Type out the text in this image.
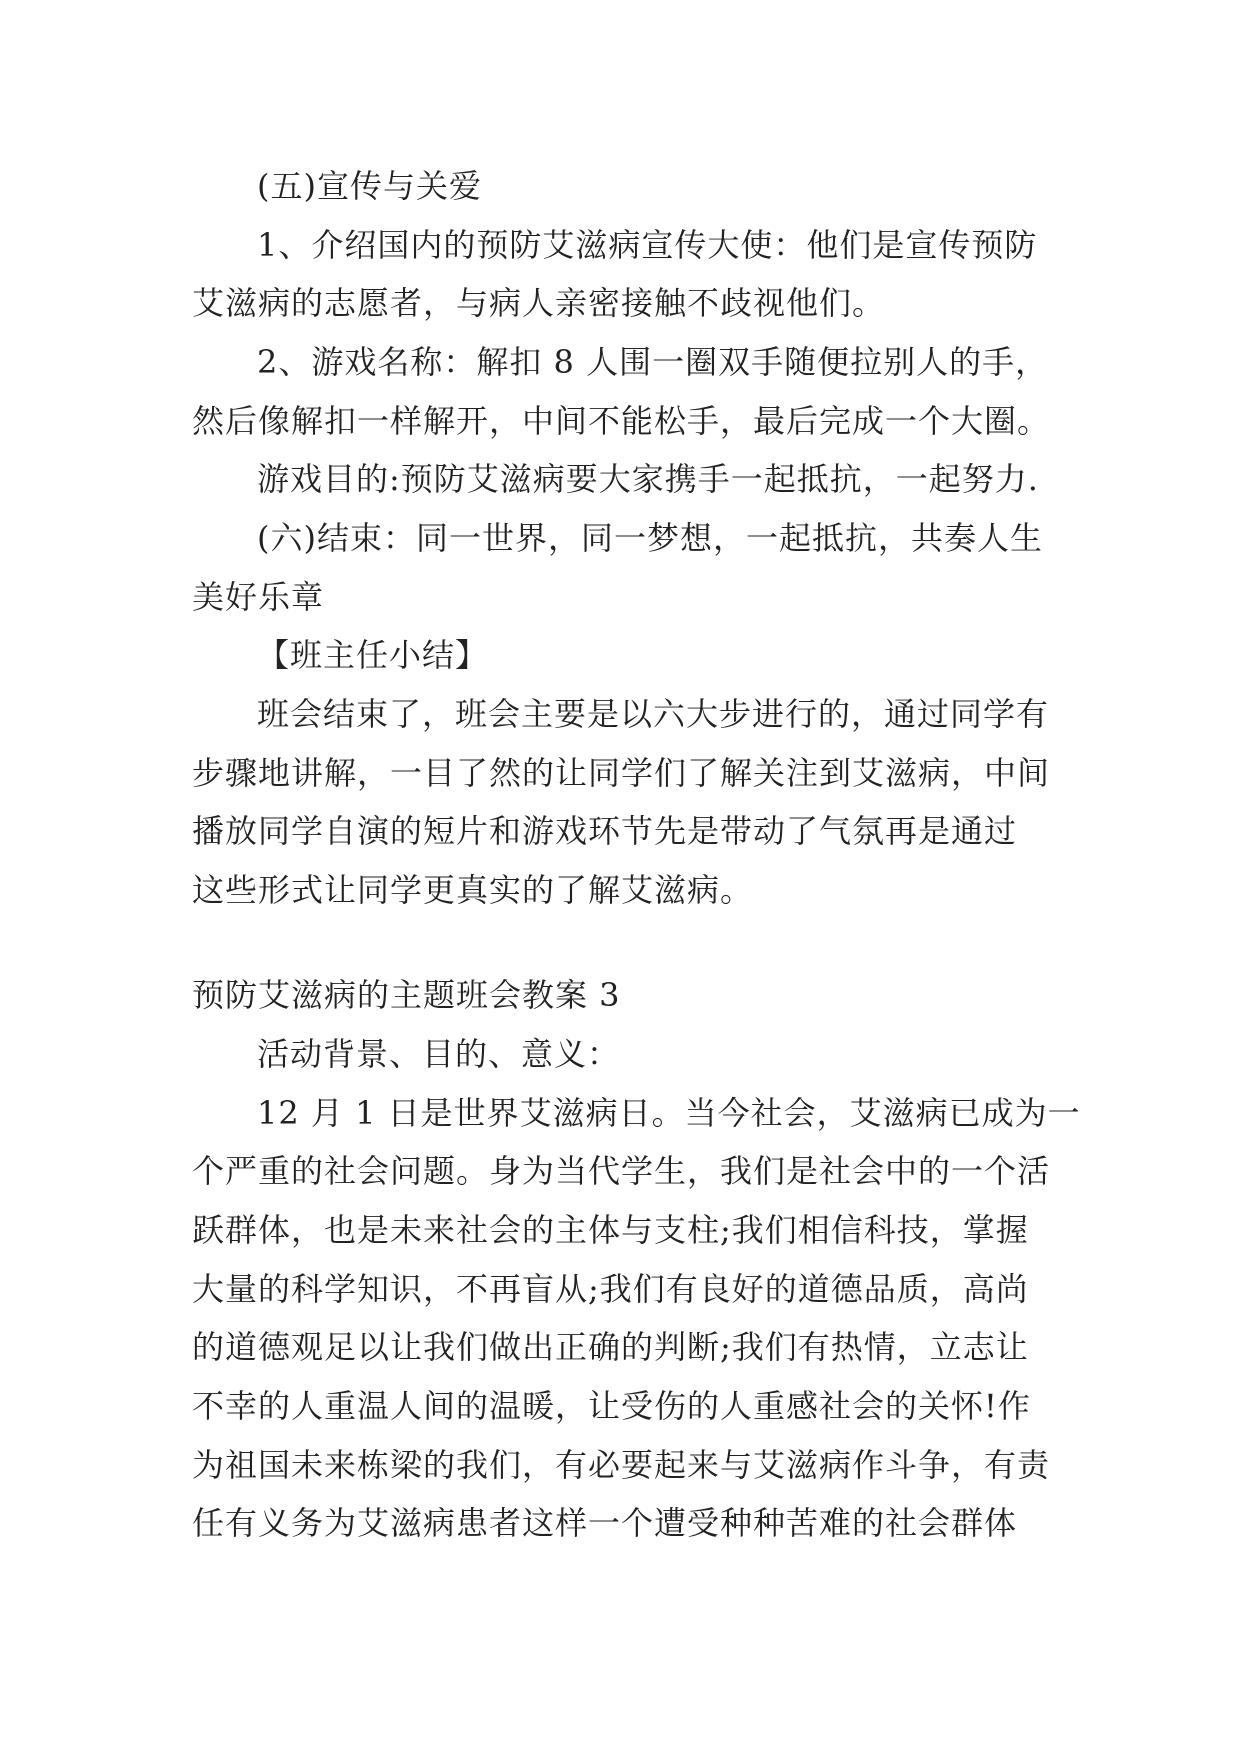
(五)宣传与关爱
1、介绍国内的预防艾滋病宣传大使：他们是宣传预防
艾滋病的志愿者，与病人亲密接触不歧视他们。
2、游戏名称：解扣 8 人围一圈双手随便拉别人的手，
然后像解扣一样解开，中间不能松手，最后完成一个大圈。
游戏目的:预防艾滋病要大家携手一起抵抗，一起努力.
(六)结束：同一世界，同一梦想，一起抵抗，共奏人生
美好乐章
【班主任小结】
班会结束了，班会主要是以六大步进行的，通过同学有
步骤地讲解，一目了然的让同学们了解关注到艾滋病，中间
播放同学自演的短片和游戏环节先是带动了气氛再是通过
这些形式让同学更真实的了解艾滋病。
预防艾滋病的主题班会教案 3
活动背景、目的、意义：
12 月 1 日是世界艾滋病日。当今社会，艾滋病已成为一
个严重的社会问题。身为当代学生，我们是社会中的一个活
跃群体，也是未来社会的主体与支柱;我们相信科技，掌握
大量的科学知识，不再盲从;我们有良好的道德品质，高尚
的道德观足以让我们做出正确的判断;我们有热情，立志让
不幸的人重温人间的温暖，让受伤的人重感社会的关怀!作
为祖国未来栋梁的我们，有必要起来与艾滋病作斗争，有责
任有义务为艾滋病患者这样一个遭受种种苦难的社会群体
